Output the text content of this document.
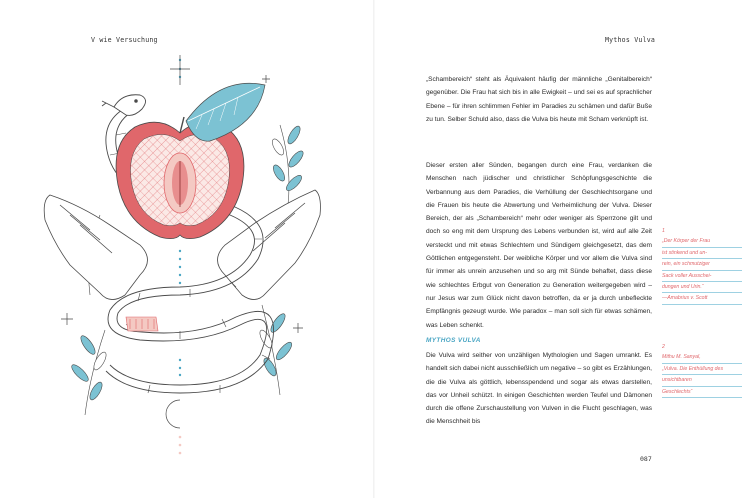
V wie Versuchung	Mythos Vulva

„Schambereich“ steht als Äquivalent häufig der männliche „Genitalbereich“ gegenüber. Die Frau hat sich bis in alle Ewigkeit – und sei es auf sprachlicher Ebene – für ihren schlimmen Fehler im Paradies zu schämen und dafür Buße zu tun. Selber Schuld also, dass die Vulva bis heute mit Scham verknüpft ist.

Dieser ersten aller Sünden, begangen durch eine Frau, verdanken die Menschen nach jüdischer und christlicher Schöpfungsgeschichte die Verbannung aus dem Paradies, die Verhüllung der Geschlechtsorgane und die Frauen bis heute die Abwertung und Verheimlichung der Vulva. Dieser Bereich, der als „Schambereich“ mehr oder weniger als Sperrzone gilt und doch so eng mit dem Ursprung des Lebens verbunden ist, wird auf alle Zeit versteckt und mit etwas Schlechtem und Sündigem gleichgesetzt, das dem Göttlichen entgegensteht. Der weibliche Körper und vor allem die Vulva sind für immer als unrein anzusehen und so arg mit Sünde behaftet, dass diese wie schlechtes Erbgut von Generation zu Generation weitergegeben wird – nur Jesus war zum Glück nicht davon betroffen, da er ja durch unbefleckte Empfängnis gezeugt wurde. Wie paradox – man soll sich für etwas schämen, was Leben schenkt.

MYTHOS VULVA

Die Vulva wird seither von unzähligen Mythologien und Sagen umrankt. Es handelt sich dabei nicht ausschließlich um negative – so gibt es Erzählungen, die die Vulva als göttlich, lebensspendend und sogar als etwas darstellen, das vor Unheil schützt. In einigen Geschichten werden Teufel und Dämonen durch die offene Zurschaustellung von Vulven in die Flucht geschlagen, was die Menschheit bis

1
„Der Körper der Frau
ist stinkend und un-
rein, ein schmutziger
Sack voller Ausschei-
dungen und Urin.“
—Amabrius v. Scott
2
Mithu M. Sanyal,
„Vulva. Die Enthüllung des
unsichtbaren
Geschlechts“
087
